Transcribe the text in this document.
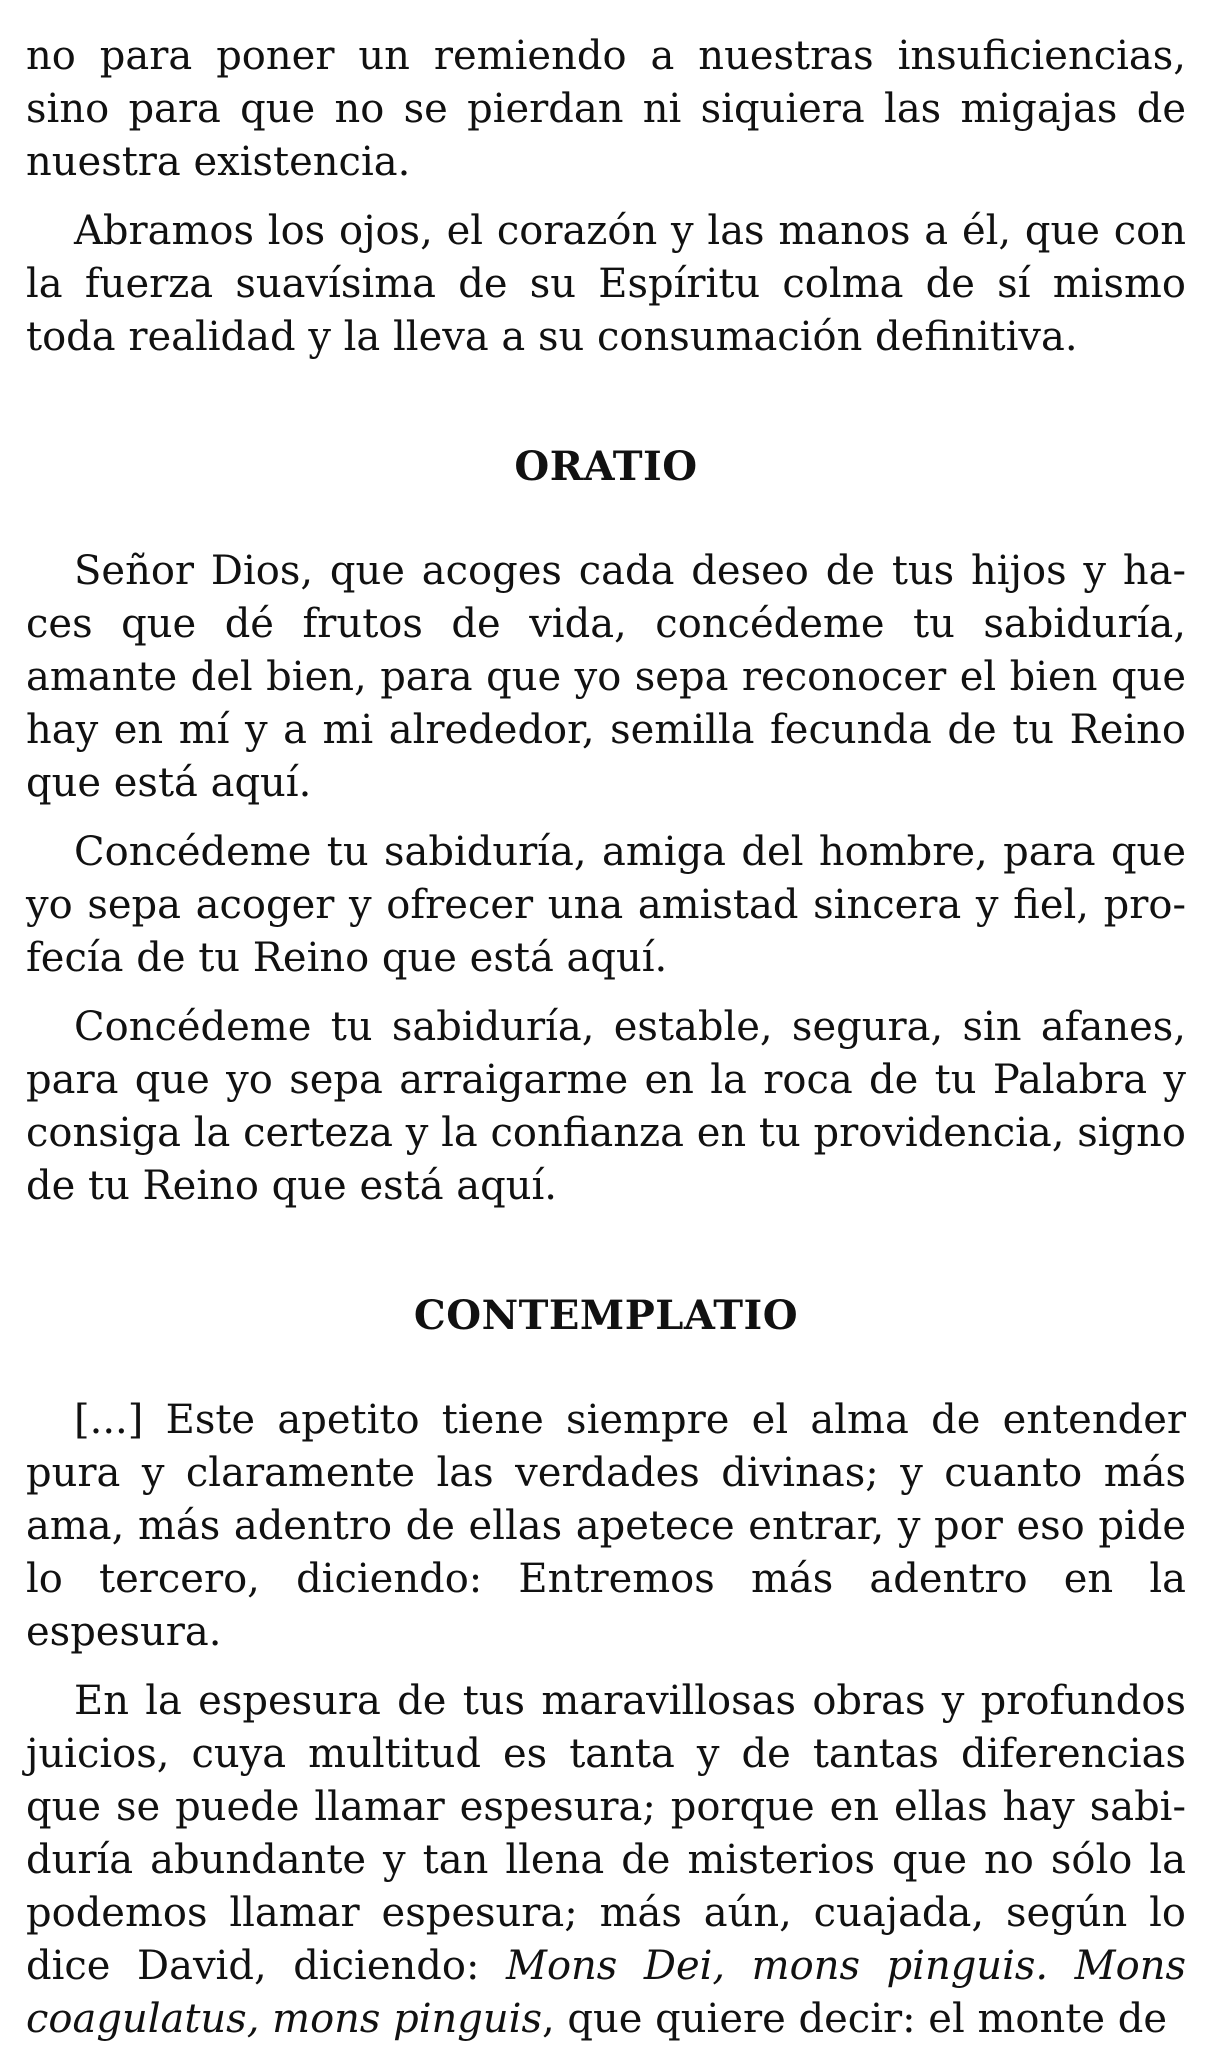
no para poner un remiendo a nuestras insuficiencias, sino para que no se pierdan ni siquiera las migajas de nuestra existencia.

Abramos los ojos, el corazón y las manos a él, que con la fuerza suavísima de su Espíritu colma de sí mismo toda realidad y la lleva a su consumación definitiva.

ORATIO

Señor Dios, que acoges cada deseo de tus hijos y haces que dé frutos de vida, concédeme tu sabiduría, amante del bien, para que yo sepa reconocer el bien que hay en mí y a mi alrededor, semilla fecunda de tu Reino que está aquí.

Concédeme tu sabiduría, amiga del hombre, para que yo sepa acoger y ofrecer una amistad sincera y fiel, profecía de tu Reino que está aquí.

Concédeme tu sabiduría, estable, segura, sin afanes, para que yo sepa arraigarme en la roca de tu Palabra y consiga la certeza y la confianza en tu providencia, signo de tu Reino que está aquí.

CONTEMPLATIO

[...] Este apetito tiene siempre el alma de entender pura y claramente las verdades divinas; y cuanto más ama, más adentro de ellas apetece entrar, y por eso pide lo tercero, diciendo: Entremos más adentro en la espesura.

En la espesura de tus maravillosas obras y profundos juicios, cuya multitud es tanta y de tantas diferencias que se puede llamar espesura; porque en ellas hay sabiduría abundante y tan llena de misterios que no sólo la podemos llamar espesura; más aún, cuajada, según lo dice David, diciendo: Mons Dei, mons pinguis. Mons coagulatus, mons pinguis, que quiere decir: el monte de
